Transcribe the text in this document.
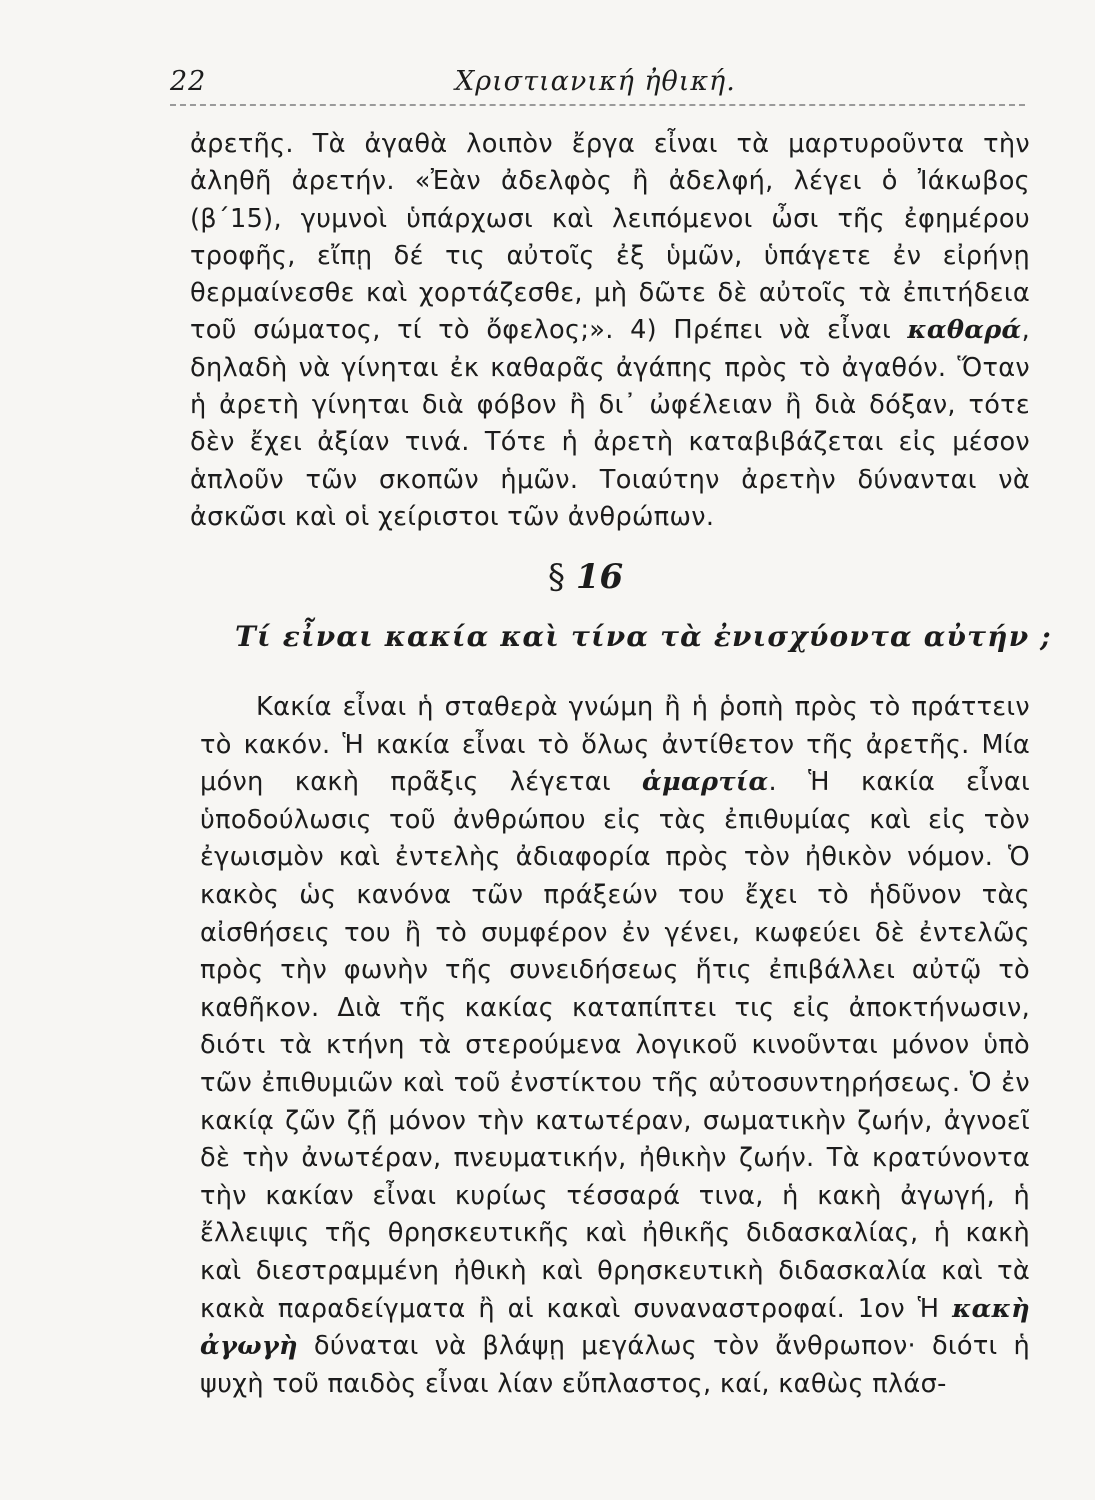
22	Χριστιανική ἠθική.
ἀρετῆς. Τὰ ἀγαθὰ λοιπὸν ἔργα εἶναι τὰ μαρτυροῦντα τὴν ἀληθῆ ἀρετήν. «Ἐὰν ἀδελφὸς ἢ ἀδελφή, λέγει ὁ Ἰάκωβος (β΄15), γυμνοὶ ὑπάρχωσι καὶ λειπόμενοι ὦσι τῆς ἐφημέρου τροφῆς, εἴπῃ δέ τις αὐτοῖς ἐξ ὑμῶν, ὑπάγετε ἐν εἰρήνῃ θερμαίνεσθε καὶ χορτάζεσθε, μὴ δῶτε δὲ αὐτοῖς τὰ ἐπιτήδεια τοῦ σώματος, τί τὸ ὄφελος;». 4) Πρέπει νὰ εἶναι καθαρά, δηλαδὴ νὰ γίνηται ἐκ καθαρᾶς ἀγάπης πρὸς τὸ ἀγαθόν. Ὅταν ἡ ἀρετὴ γίνηται διὰ φόβον ἢ δι᾽ ὠφέλειαν ἢ διὰ δόξαν, τότε δὲν ἔχει ἀξίαν τινά. Τότε ἡ ἀρετὴ καταβιβάζεται εἰς μέσον ἁπλοῦν τῶν σκοπῶν ἡμῶν. Τοιαύτην ἀρετὴν δύνανται νὰ ἀσκῶσι καὶ οἱ χείριστοι τῶν ἀνθρώπων.
§ 16
Τί εἶναι κακία καὶ τίνα τὰ ἐνισχύοντα αὐτήν ;
Κακία εἶναι ἡ σταθερὰ γνώμη ἢ ἡ ῥοπὴ πρὸς τὸ πράττειν τὸ κακόν. Ἡ κακία εἶναι τὸ ὅλως ἀντίθετον τῆς ἀρετῆς. Μία μόνη κακὴ πρᾶξις λέγεται ἁμαρτία. Ἡ κακία εἶναι ὑποδούλωσις τοῦ ἀνθρώπου εἰς τὰς ἐπιθυμίας καὶ εἰς τὸν ἐγωισμὸν καὶ ἐντελὴς ἀδιαφορία πρὸς τὸν ἠθικὸν νόμον. Ὁ κακὸς ὡς κανόνα τῶν πράξεών του ἔχει τὸ ἡδῦνον τὰς αἰσθήσεις του ἢ τὸ συμφέρον ἐν γένει, κωφεύει δὲ ἐντελῶς πρὸς τὴν φωνὴν τῆς συνειδήσεως ἥτις ἐπιβάλλει αὐτῷ τὸ καθῆκον. Διὰ τῆς κακίας καταπίπτει τις εἰς ἀποκτήνωσιν, διότι τὰ κτήνη τὰ στερούμενα λογικοῦ κινοῦνται μόνον ὑπὸ τῶν ἐπιθυμιῶν καὶ τοῦ ἐνστίκτου τῆς αὐτοσυντηρήσεως. Ὁ ἐν κακίᾳ ζῶν ζῇ μόνον τὴν κατωτέραν, σωματικὴν ζωήν, ἀγνοεῖ δὲ τὴν ἀνωτέραν, πνευματικήν, ἠθικὴν ζωήν. Τὰ κρατύνοντα τὴν κακίαν εἶναι κυρίως τέσσαρά τινα, ἡ κακὴ ἀγωγή, ἡ ἔλλειψις τῆς θρησκευτικῆς καὶ ἠθικῆς διδασκαλίας, ἡ κακὴ καὶ διεστραμμένη ἠθικὴ καὶ θρησκευτικὴ διδασκαλία καὶ τὰ κακὰ παραδείγματα ἢ αἱ κακαὶ συναναστροφαί. 1ον Ἡ κακὴ ἀγωγὴ δύναται νὰ βλάψῃ μεγάλως τὸν ἄνθρωπον· διότι ἡ ψυχὴ τοῦ παιδὸς εἶναι λίαν εὔπλαστος, καί, καθὼς πλάσ-
